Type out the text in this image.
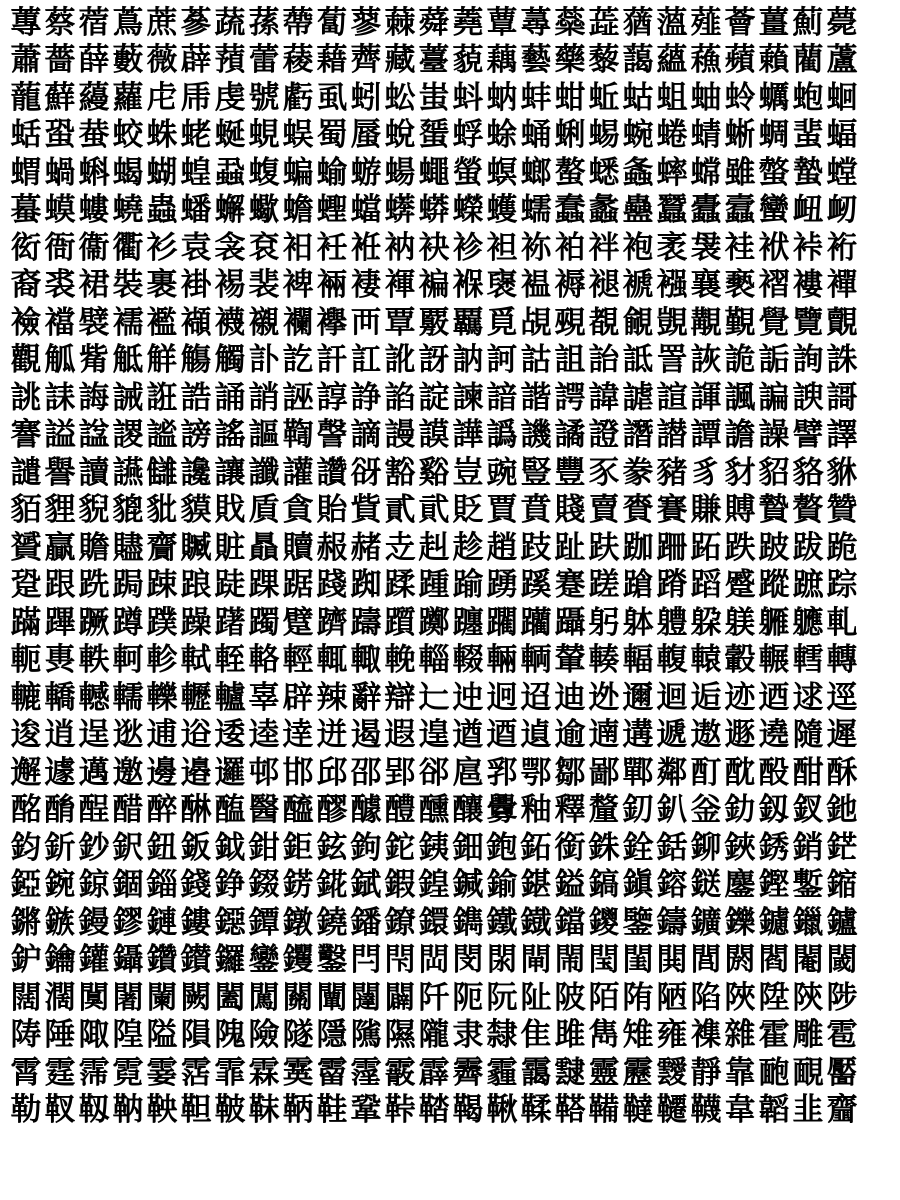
蓴 蔡 蓿 蔦 蔗 蔘 蔬 蓀 蔕 蔔 蓼 蕀 蕣 蕘 蕈 蕁 蘂 蕋 蕕 薀 薤 薈 薑 薊 薨
蕭 薔 薛 藪 薇 薜 蕷 蕾 薐 藉 薺 藏 薹 藐 藕 藝 藥 藜 藹 蘊 蘓 蘋 藾 藺 蘆
蘢 蘚 蘰 蘿 虍 乕 虔 號 虧 虱 蚓 蚣 蚩 蚪 蚋 蚌 蚶 蚯 蛄 蛆 蚰 蛉 蠣 蚫 蛔
蛞 蛩 蛬 蛟 蛛 蛯 蜒 蜆 蜈 蜀 蜃 蛻 蜑 蜉 蜍 蛹 蜊 蜴 蜿 蜷 蜻 蜥 蜩 蜚 蝠
蝟 蝸 蝌 蝎 蝴 蝗 蝨 蝮 蝙 蝓 蝣 蝪 蠅 螢 螟 螂 螯 蟋 螽 蟀 蟐 雖 螫 蟄 螳
蟇 蟆 螻 蟯 蟲 蟠 蠏 蠍 蟾 蟶 蟷 蠎 蟒 蠑 蠖 蠕 蠢 蠡 蠱 蠶 蠹 蠧 蠻 衄 衂
衒 衙 衞 衢 衫 袁 衾 袞 衵 衽 袵 衲 袂 袗 袒 袮 袙 袢 袍 袤 袰 袿 袱 裃 裄
裔 裘 裙 裝 裹 褂 裼 裴 裨 裲 褄 褌 褊 褓 襃 褞 褥 褪 褫 襁 襄 褻 褶 褸 襌
襝 襠 襞 襦 襤 襭 襪 襯 襴 襷 襾 覃 覈 覊 覓 覘 覡 覩 覦 覬 覯 覲 覺 覽 覿
觀 觚 觜 觝 觧 觴 觸 訃 訖 訐 訌 訛 訝 訥 訶 詁 詛 詒 詆 詈 詼 詭 詬 詢 誅
誂 誄 誨 誡 誑 誥 誦 誚 誣 諄 諍 諂 諚 諫 諳 諧 諤 諱 謔 諠 諢 諷 諞 諛 謌
謇 謚 諡 謖 謐 謗 謠 謳 鞫 謦 謫 謾 謨 譁 譌 譏 譎 證 譖 譛 譚 譫 譟 譬 譯
譴 譽 讀 讌 讎 讒 讓 讖 讙 讚 谺 豁 谿 豈 豌 豎 豐 豕 豢 豬 豸 豺 貂 貉 貅
貊 貍 貎 貔 豼 貘 戝 貭 貪 貽 貲 貳 貮 貶 賈 賁 賤 賣 賚 賽 賺 賻 贄 贅 贊
贇 贏 贍 贐 齎 贓 賍 贔 贖 赧 赭 赱 赳 趁 趙 跂 趾 趺 跏 跚 跖 跌 跛 跋 跪
跫 跟 跣 跼 踈 踉 跿 踝 踞 踐 踟 蹂 踵 踰 踴 蹊 蹇 蹉 蹌 蹐 蹈 蹙 蹤 蹠 踪
蹣 蹕 蹶 蹲 蹼 躁 躇 躅 躄 躋 躊 躓 躑 躔 躙 躪 躡 躬 躰 軆 躱 躾 軅 軈 軋
軛 軣 軼 軻 軫 軾 輊 輅 輕 輒 輙 輓 輜 輟 輛 輌 輦 輳 輻 輹 轅 轂 輾 轌 轉
轆 轎 轗 轜 轢 轣 轤 辜 辟 辣 辭 辯 辷 迚 迥 迢 迪 迯 邇 迴 逅 迹 迺 逑 逕
逡 逍 逞 逖 逋 逧 逶 逵 逹 迸 遏 遐 遑 遒 逎 遉 逾 遖 遘 遞 遨 遯 遶 隨 遲
邂 遽 邁 邀 邊 邉 邏 邨 邯 邱 邵 郢 郤 扈 郛 鄂 鄒 鄙 鄲 鄰 酊 酖 酘 酣 酥
酩 酳 酲 醋 醉 醂 醢 醫 醯 醪 醵 醴 醺 釀 釁 釉 釋 釐 釖 釟 釡 釛 釼 釵 釶
鈞 釿 鈔 鈬 鈕 鈑 鉞 鉗 鉅 鉉 鉤 鉈 銕 鈿 鉋 鉐 銜 銖 銓 銛 鉚 鋏 銹 銷 鋩
錏 鋺 鍄 錮 錙 錢 錚 錣 錺 錵 錻 鍜 鍠 鍼 鍮 鍖 鎰 鎬 鎭 鎔 鎹 鏖 鏗 鏨 鏥
鏘 鏃 鏝 鏐 鏈 鏤 鐚 鐔 鐓 鐃 鐇 鐐 鐶 鐫 鐵 鐡 鐺 鑁 鑒 鑄 鑛 鑠 鑢 鑞 鑪
鈩 鑰 鑵 鑷 鑽 鑚 鑼 鑾 钁 鑿 閂 閇 閊 閔 閖 閘 閙 閠 閨 閧 閭 閼 閻 閹 閾
闊 濶 闃 闍 闌 闕 闔 闖 關 闡 闥 闢 阡 阨 阮 阯 陂 陌 陏 陋 陷 陜 陞 陝 陟
陦 陲 陬 隍 隘 隕 隗 險 隧 隱 隲 隰 隴 隶 隸 隹 雎 雋 雉 雍 襍 雜 霍 雕 雹
霄 霆 霈 霓 霎 霑 霏 霖 霙 霤 霪 霰 霹 霽 霾 靄 靆 靈 靂 靉 靜 靠 靤 靦 靨
勒 靫 靱 靹 鞅 靼 鞁 靺 鞆 鞋 鞏 鞐 鞜 鞨 鞦 鞣 鞳 鞴 韃 韆 韈 韋 韜 韭 齏
